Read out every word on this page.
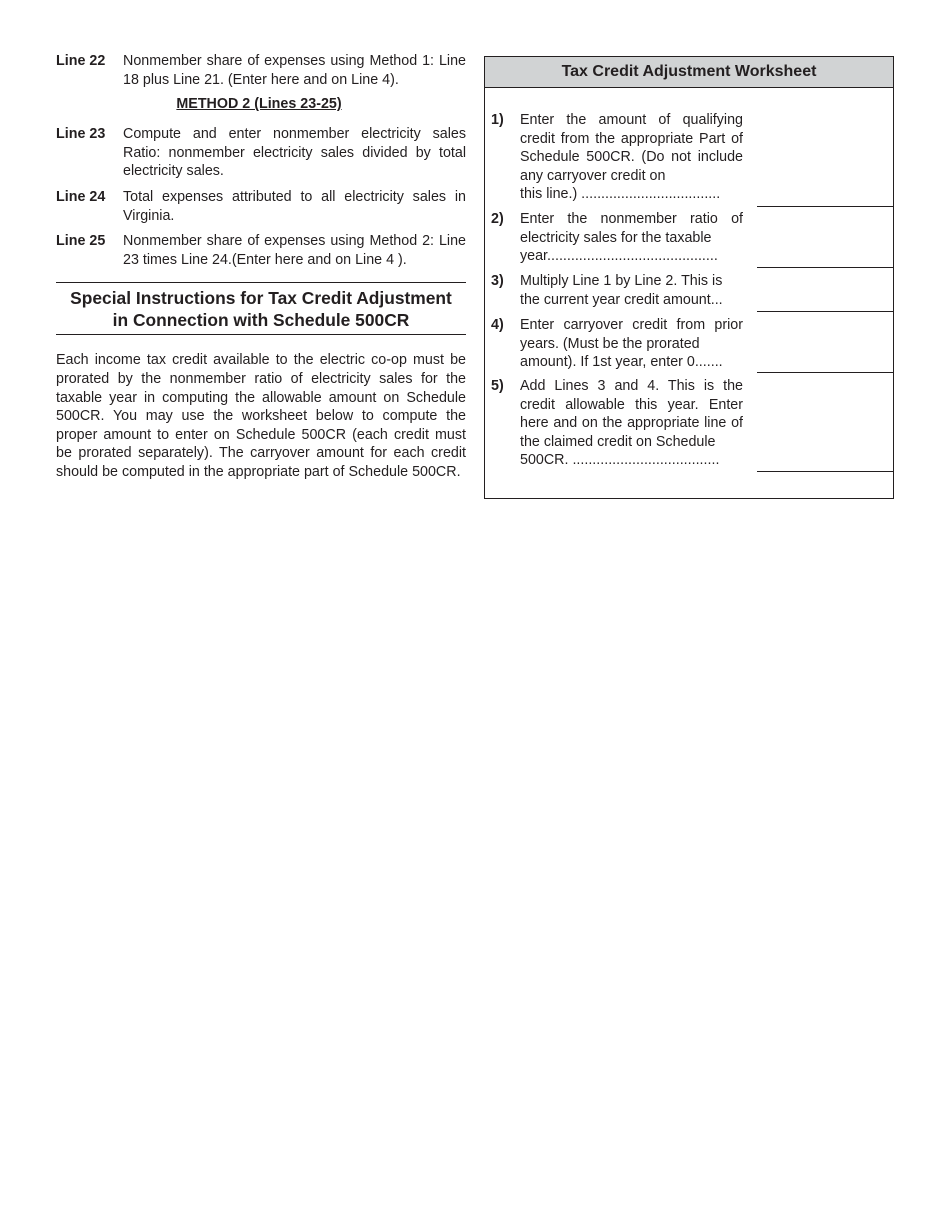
Line 22	Nonmember share of expenses using Method 1: Line 18 plus Line 21. (Enter here and on Line 4).
METHOD 2 (Lines 23-25)
Line 23	Compute and enter nonmember electricity sales Ratio: nonmember electricity sales divided by total electricity sales.
Line 24	Total expenses attributed to all electricity sales in Virginia.
Line 25	Nonmember share of expenses using Method 2: Line 23 times Line 24.(Enter here and on Line 4 ).
Special Instructions for Tax Credit Adjustment
in Connection with Schedule 500CR
Each income tax credit available to the electric co-op must be prorated by the nonmember ratio of electricity sales for the taxable year in computing the allowable amount on Schedule 500CR. You may use the worksheet below to compute the proper amount to enter on Schedule 500CR (each credit must be prorated separately). The carryover amount for each credit should be computed in the appropriate part of Schedule 500CR.
Tax Credit Adjustment Worksheet
1) Enter the amount of qualifying credit from the appropriate Part of Schedule 500CR. (Do not include any carryover credit on
this line.) ...................................
2) Enter the nonmember ratio of electricity sales for the taxable
year...........................................
3) Multiply Line 1 by Line 2. This is
the current year credit amount...
4) Enter carryover credit from prior years. (Must be the prorated
amount). If 1st year, enter 0.......
5) Add Lines 3 and 4. This is the credit allowable this year. Enter here and on the appropriate line of the claimed credit on Schedule
500CR. .....................................
